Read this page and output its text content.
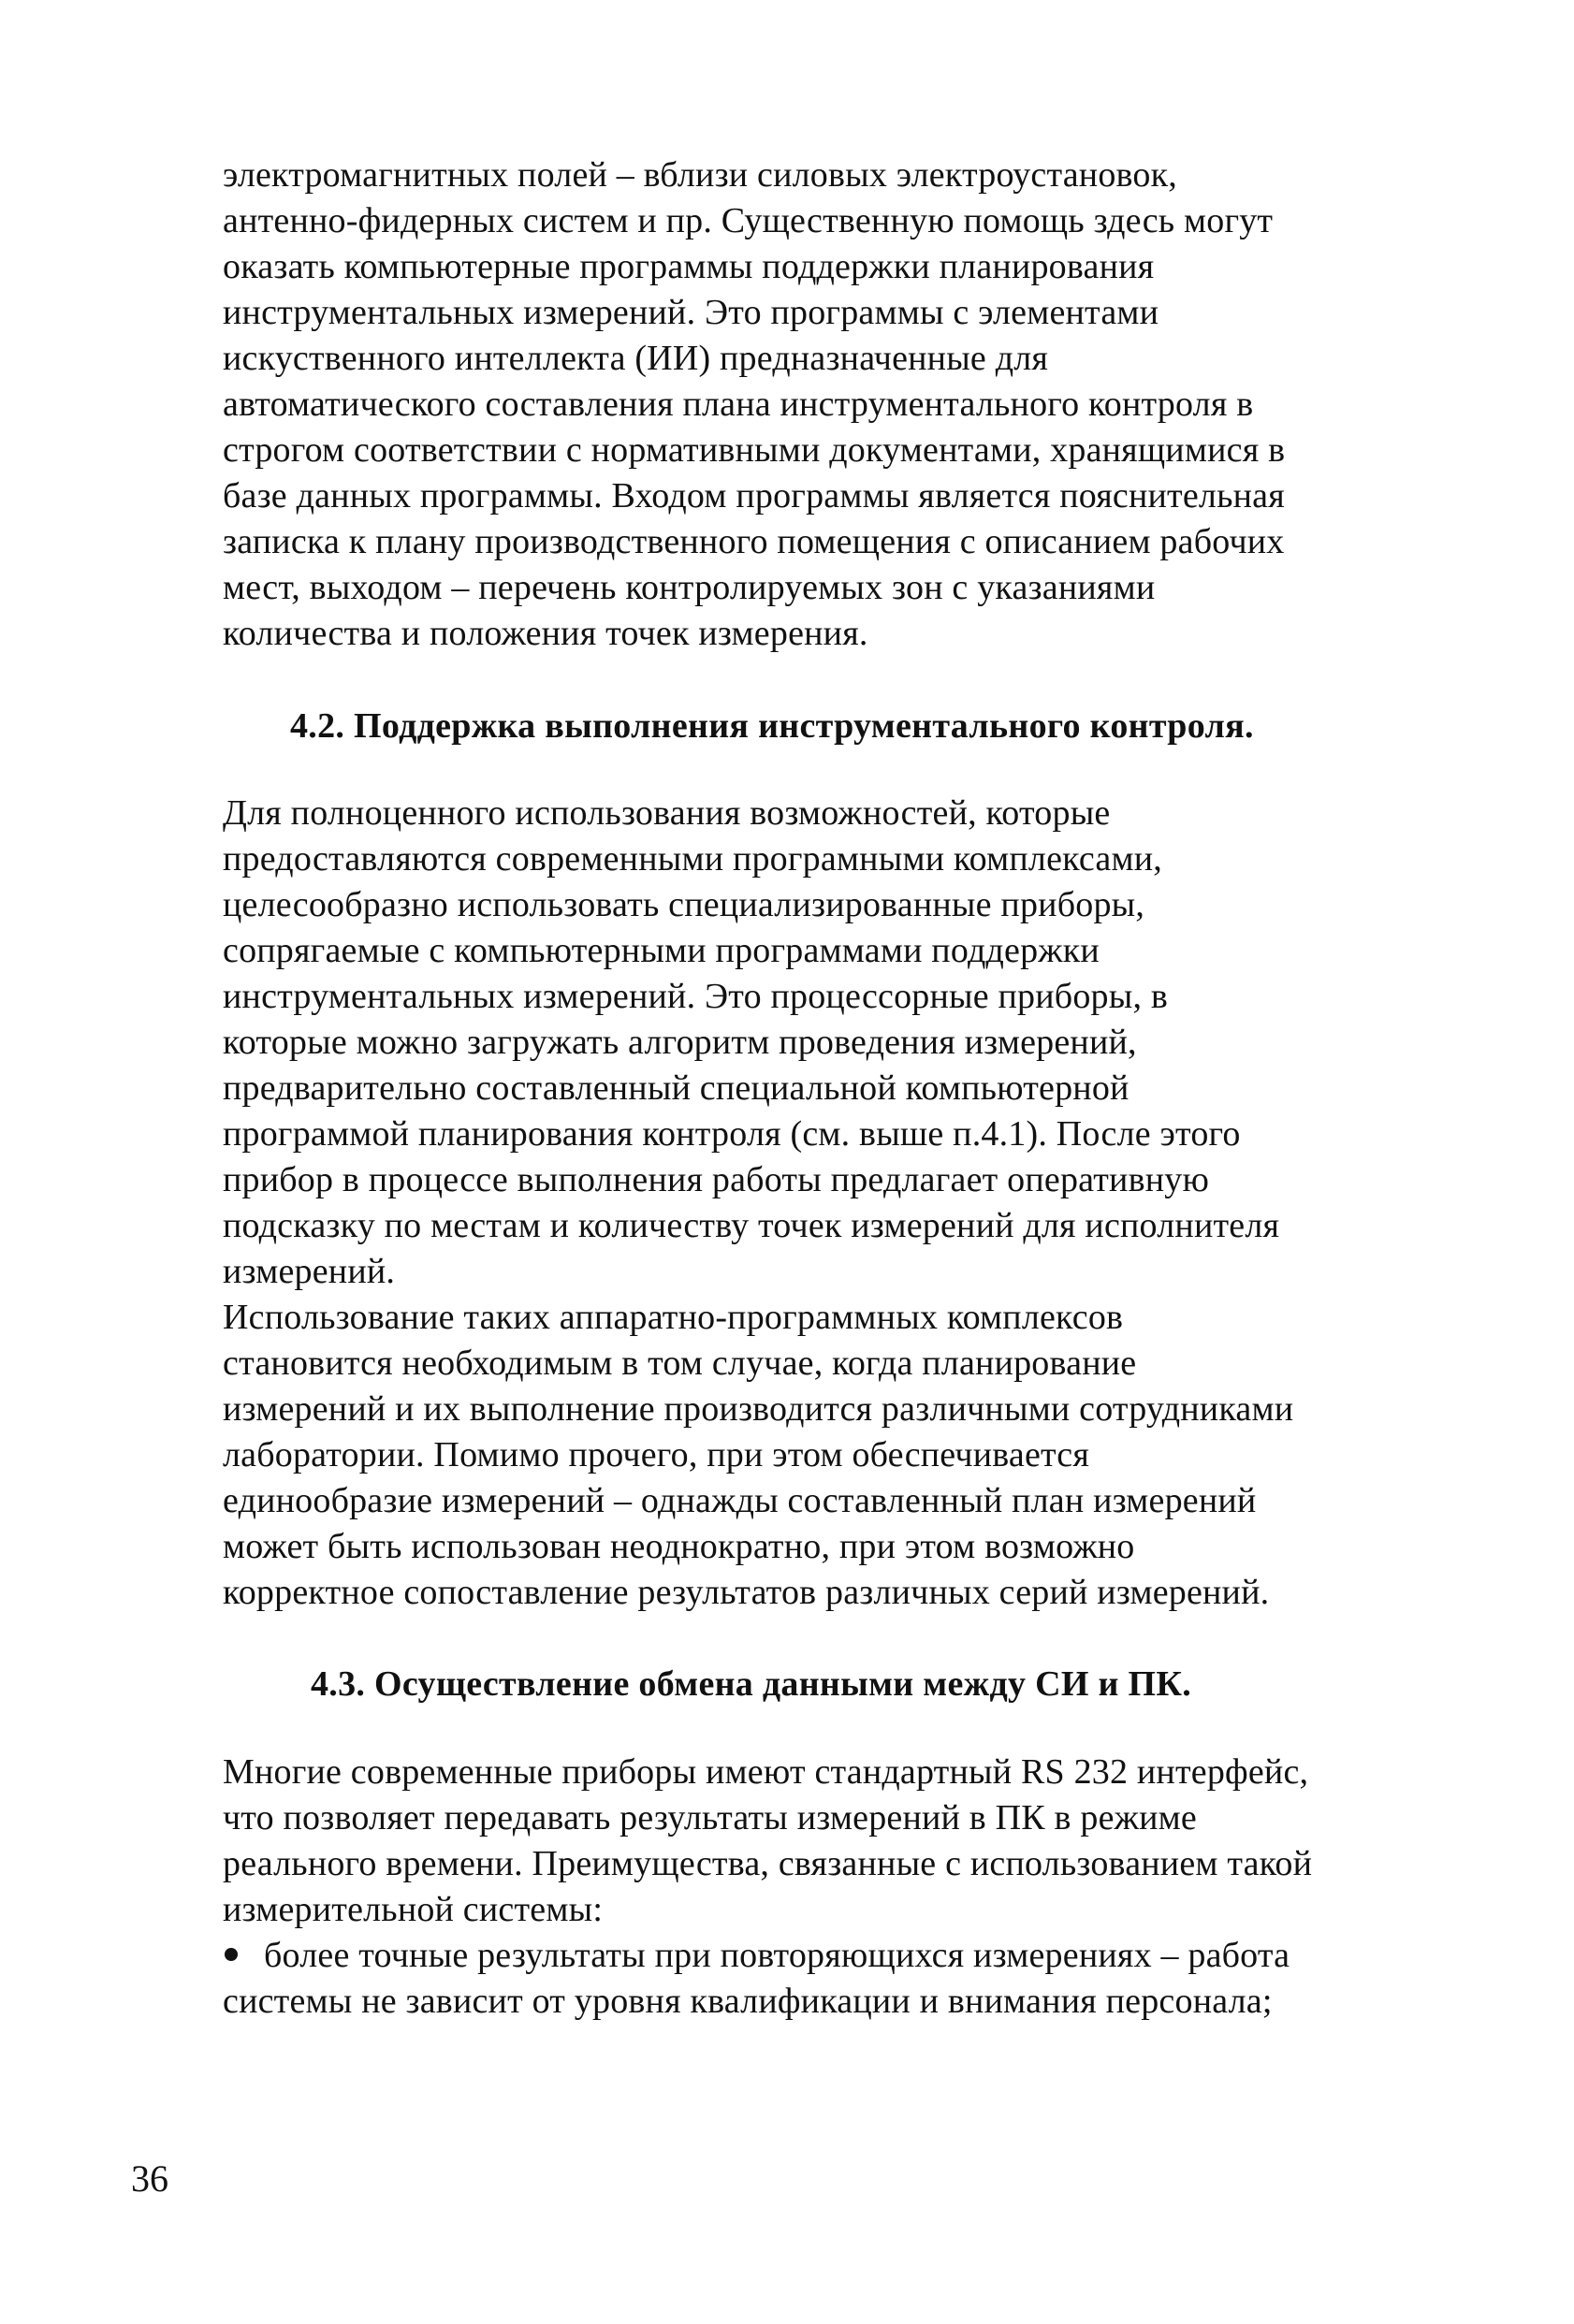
электромагнитных полей – вблизи силовых электроустановок,
антенно-фидерных систем и пр. Существенную помощь здесь могут
оказать компьютерные программы поддержки планирования
инструментальных измерений. Это программы с элементами
искуственного интеллекта (ИИ) предназначенные для
автоматического составления плана инструментального контроля в
строгом соответствии с нормативными документами, хранящимися в
базе данных программы. Входом программы является пояснительная
записка к плану производственного помещения с описанием рабочих
мест, выходом – перечень контролируемых зон с указаниями
количества и положения точек измерения.

4.2. Поддержка выполнения инструментального контроля.

Для полноценного использования возможностей, которые
предоставляются современными програмными комплексами,
целесообразно использовать специализированные приборы,
сопрягаемые с компьютерными программами поддержки
инструментальных измерений. Это процессорные приборы, в
которые можно загружать алгоритм проведения измерений,
предварительно составленный специальной компьютерной
программой планирования контроля (см. выше п.4.1). После этого
прибор в процессе выполнения работы предлагает оперативную
подсказку по местам и количеству точек измерений для исполнителя
измерений.

Использование таких аппаратно-программных комплексов
становится необходимым в том случае, когда планирование
измерений и их выполнение производится различными сотрудниками
лаборатории. Помимо прочего, при этом обеспечивается
единообразие измерений – однажды составленный план измерений
может быть использован неоднократно, при этом возможно
корректное сопоставление результатов различных серий измерений.

4.3. Осуществление обмена данными между СИ и ПК.

Многие современные приборы имеют стандартный RS 232 интерфейс,
что позволяет передавать результаты измерений в ПК в режиме
реального времени. Преимущества, связанные с использованием такой
измерительной системы:

более точные результаты при повторяющихся измерениях – работа
системы не зависит от уровня квалификации и внимания персонала;

36
